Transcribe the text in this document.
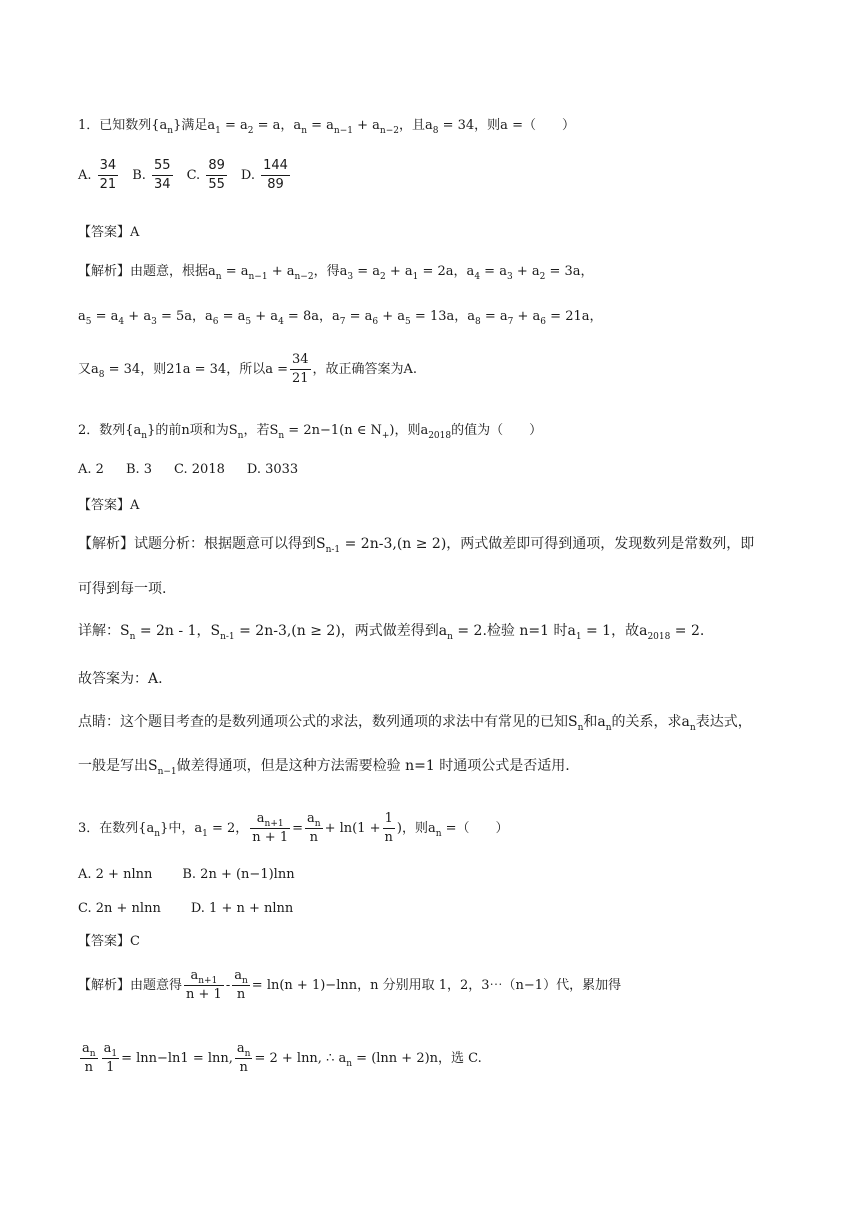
1．已知数列$\{a_n\}$满足$a_1 = a_2 = a$，$a_n = a_{n-1} + a_{n-2}$，且$a_8 = 34$，则a =（　　）
A. $\frac{34}{21} B$. $\frac{55}{34} C$. $\frac{89}{55} D$. $\frac{144}{89}$
【答案】A
【解析】由题意，根据$a_n = a_{n-1} + a_{n-2}$，得$a_3 = a_2 + a_1 = 2a$，$a_4 = a_3 + a_2 = 3a$，
$a_5 = a_4 + a_3 = 5a$，$a_6 = a_5 + a_4 = 8a$，$a_7 = a_6 + a_5 = 13a$，$a_8 = a_7 + a_6 = 21a$，
又$a_8 = 34$，则21a = 34，所以$a = \frac{34}{21}$ ，故正确答案为A.
2．数列$\{a_n\}$的前n项和为$S_n$，若$S_n = 2n-1(n$ ∈ $N_+$)，则$a_{2018}$的值为（　　）
A. 2 B. 3 C. 2018 D. 3033
【答案】A
【解析】试题分析：根据题意可以得到$S_{n-1} = 2n-3,(n \ge 2)$，两式做差即可得到通项，发现数列是常数列，即
可得到每一项.
详解：$S_n = 2n - 1$，$S_{n-1} = 2n-3,(n \ge 2)$，两式做差得到$a_n = 2$.检验 n=1 时$a_1 = 1$，故$a_{2018} = 2$.
故答案为：A.
点睛：这个题目考查的是数列通项公式的求法，数列通项的求法中有常见的已知$S_n$和$a_n$的关系，求$a_n$表达式，
一般是写出$S_{n-1}$做差得通项，但是这种方法需要检验 n=1 时通项公式是否适用.
3．在数列$\{a_n\}$中，$a_1 = 2$， $\frac{a_{n+1}}{n + 1} = \frac{a_n}{n} + \ln(1 + \frac{1}{n}$ )，则$a_n$ =（　　）
A. 2 + nlnn B. 2n + (n−1)lnn
C. 2n + nlnn D. 1 + n + nlnn
【答案】C
【解析】由题意得 $\frac{a_{n+1}}{n + 1} - \frac{a_n}{n} = \ln(n + 1)-\ln n$，n 分别用取 1，2，3⋯（n−1）代，累加得
$\frac{a_n}{n} \frac{a_1}{1} = \ln n-\ln 1 = \ln n$, $\frac{a_n}{n} = 2 + \ln n$, ∴ $a_n = (\ln n + 2)n$，选 C.
